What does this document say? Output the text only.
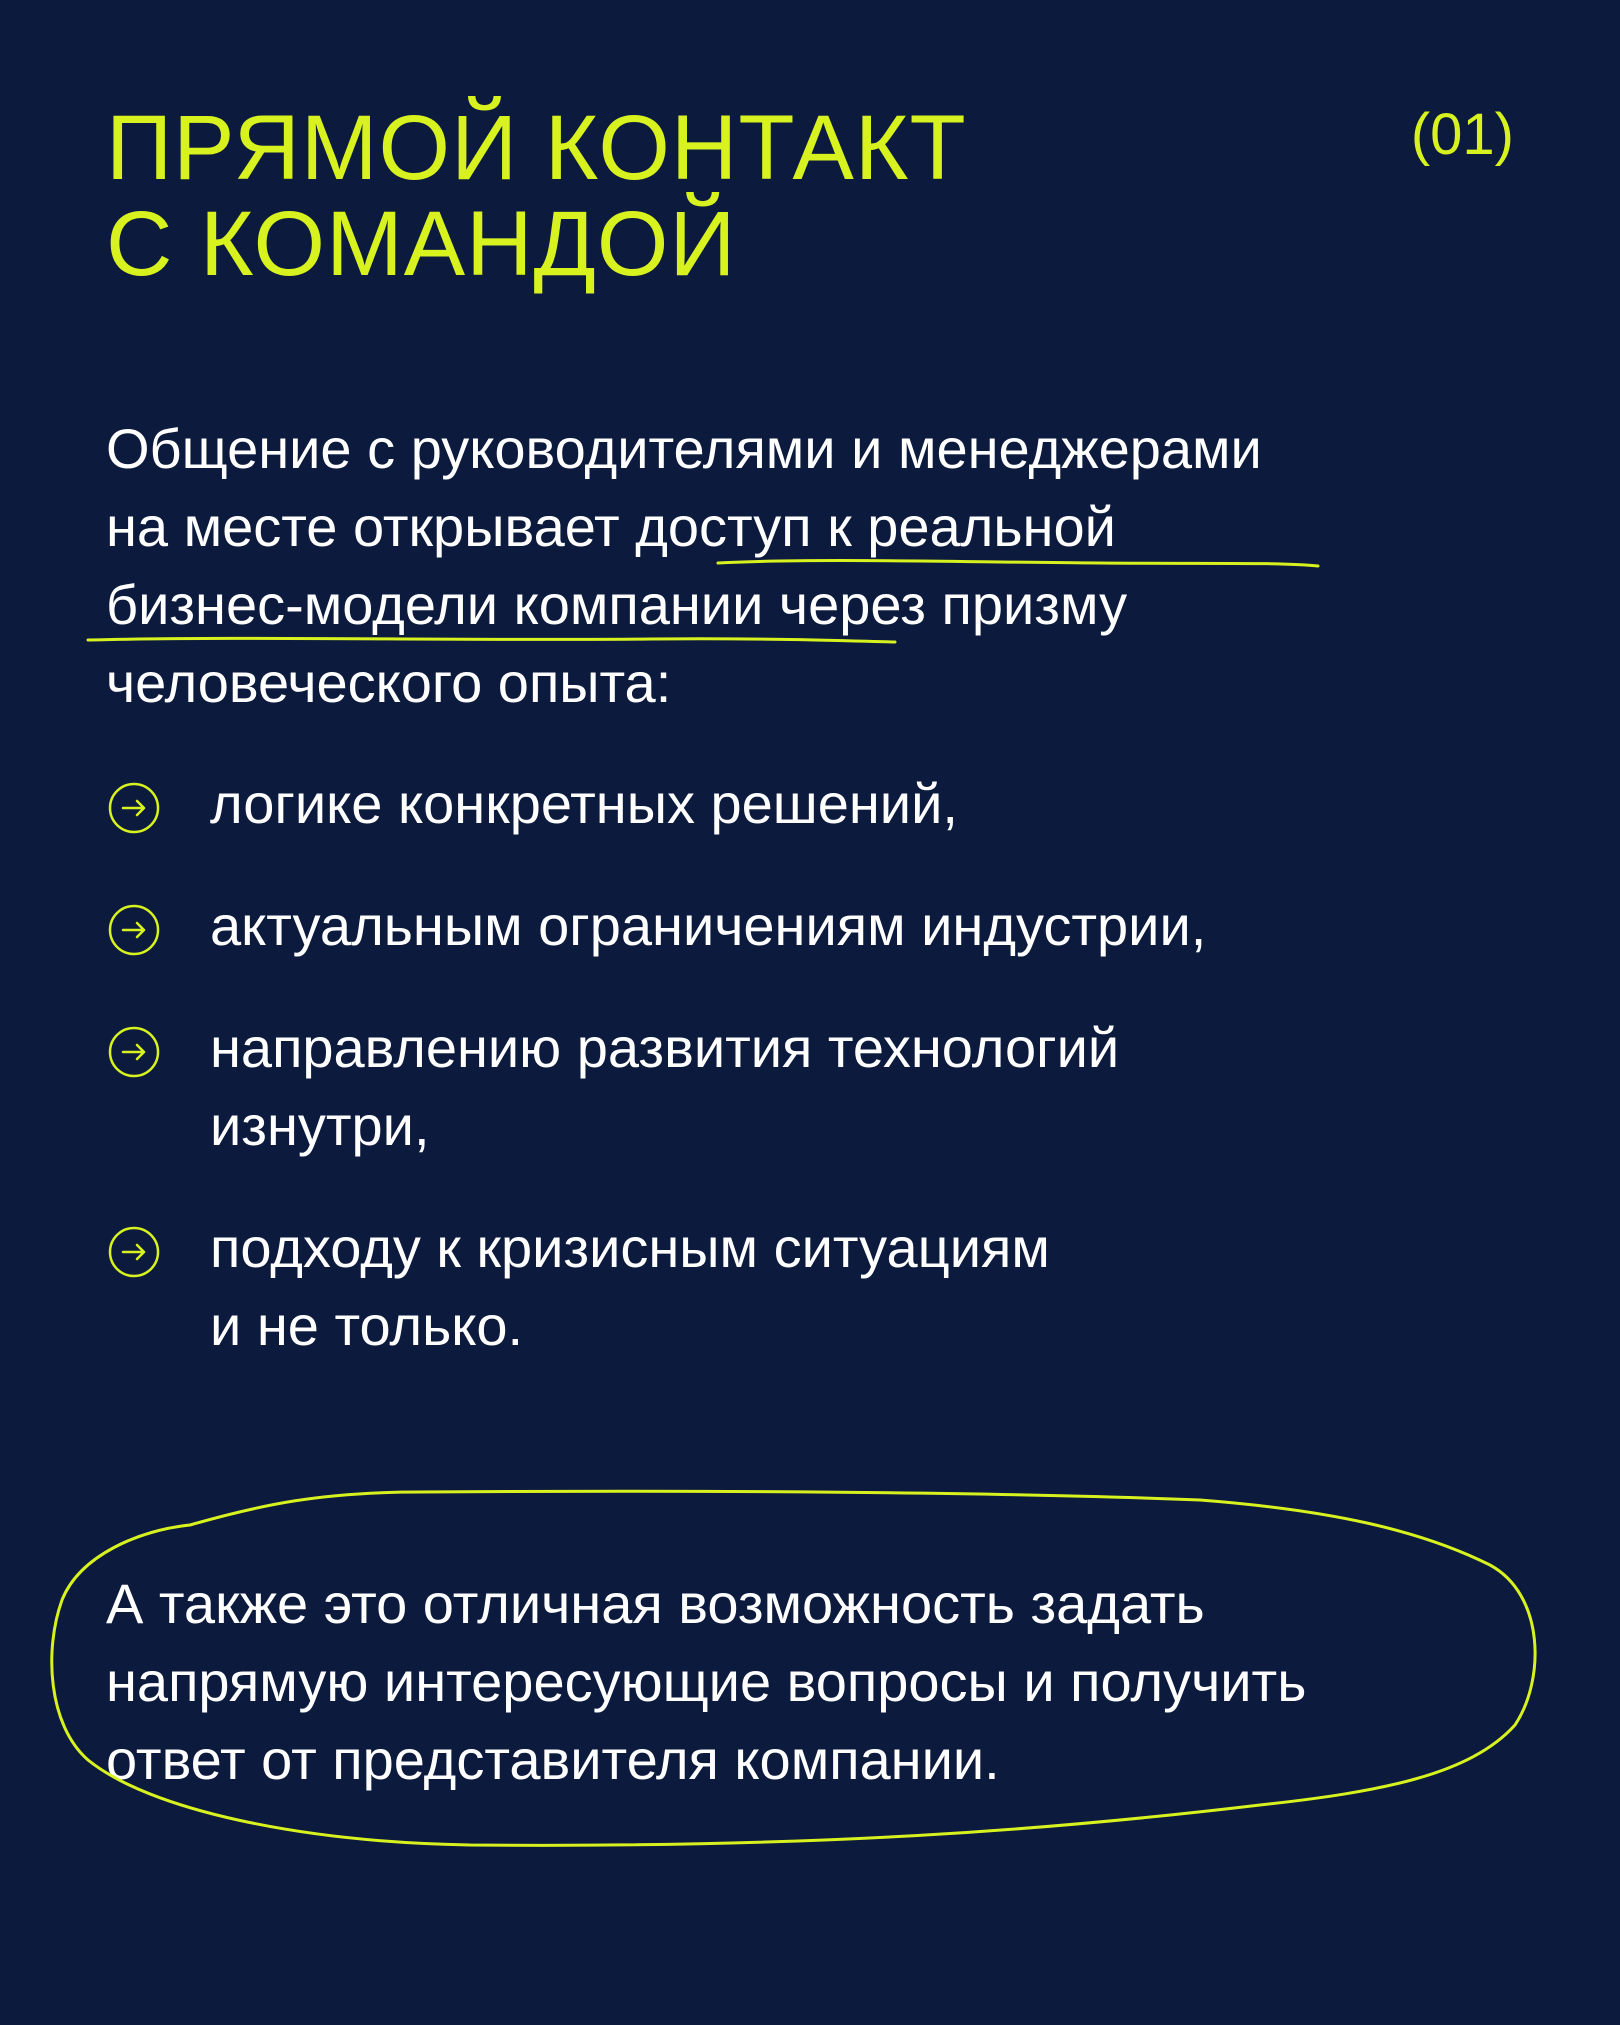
ПРЯМОЙ КОНТАКТ
С КОМАНДОЙ
(01)
Общение с руководителями и менеджерами
на месте открывает доступ к реальной
бизнес-модели компании через призму
человеческого опыта:
логике конкретных решений,
актуальным ограничениям индустрии,
направлению развития технологий
изнутри,
подходу к кризисным ситуациям
и не только.
А также это отличная возможность задать
напрямую интересующие вопросы и получить
ответ от представителя компании.
